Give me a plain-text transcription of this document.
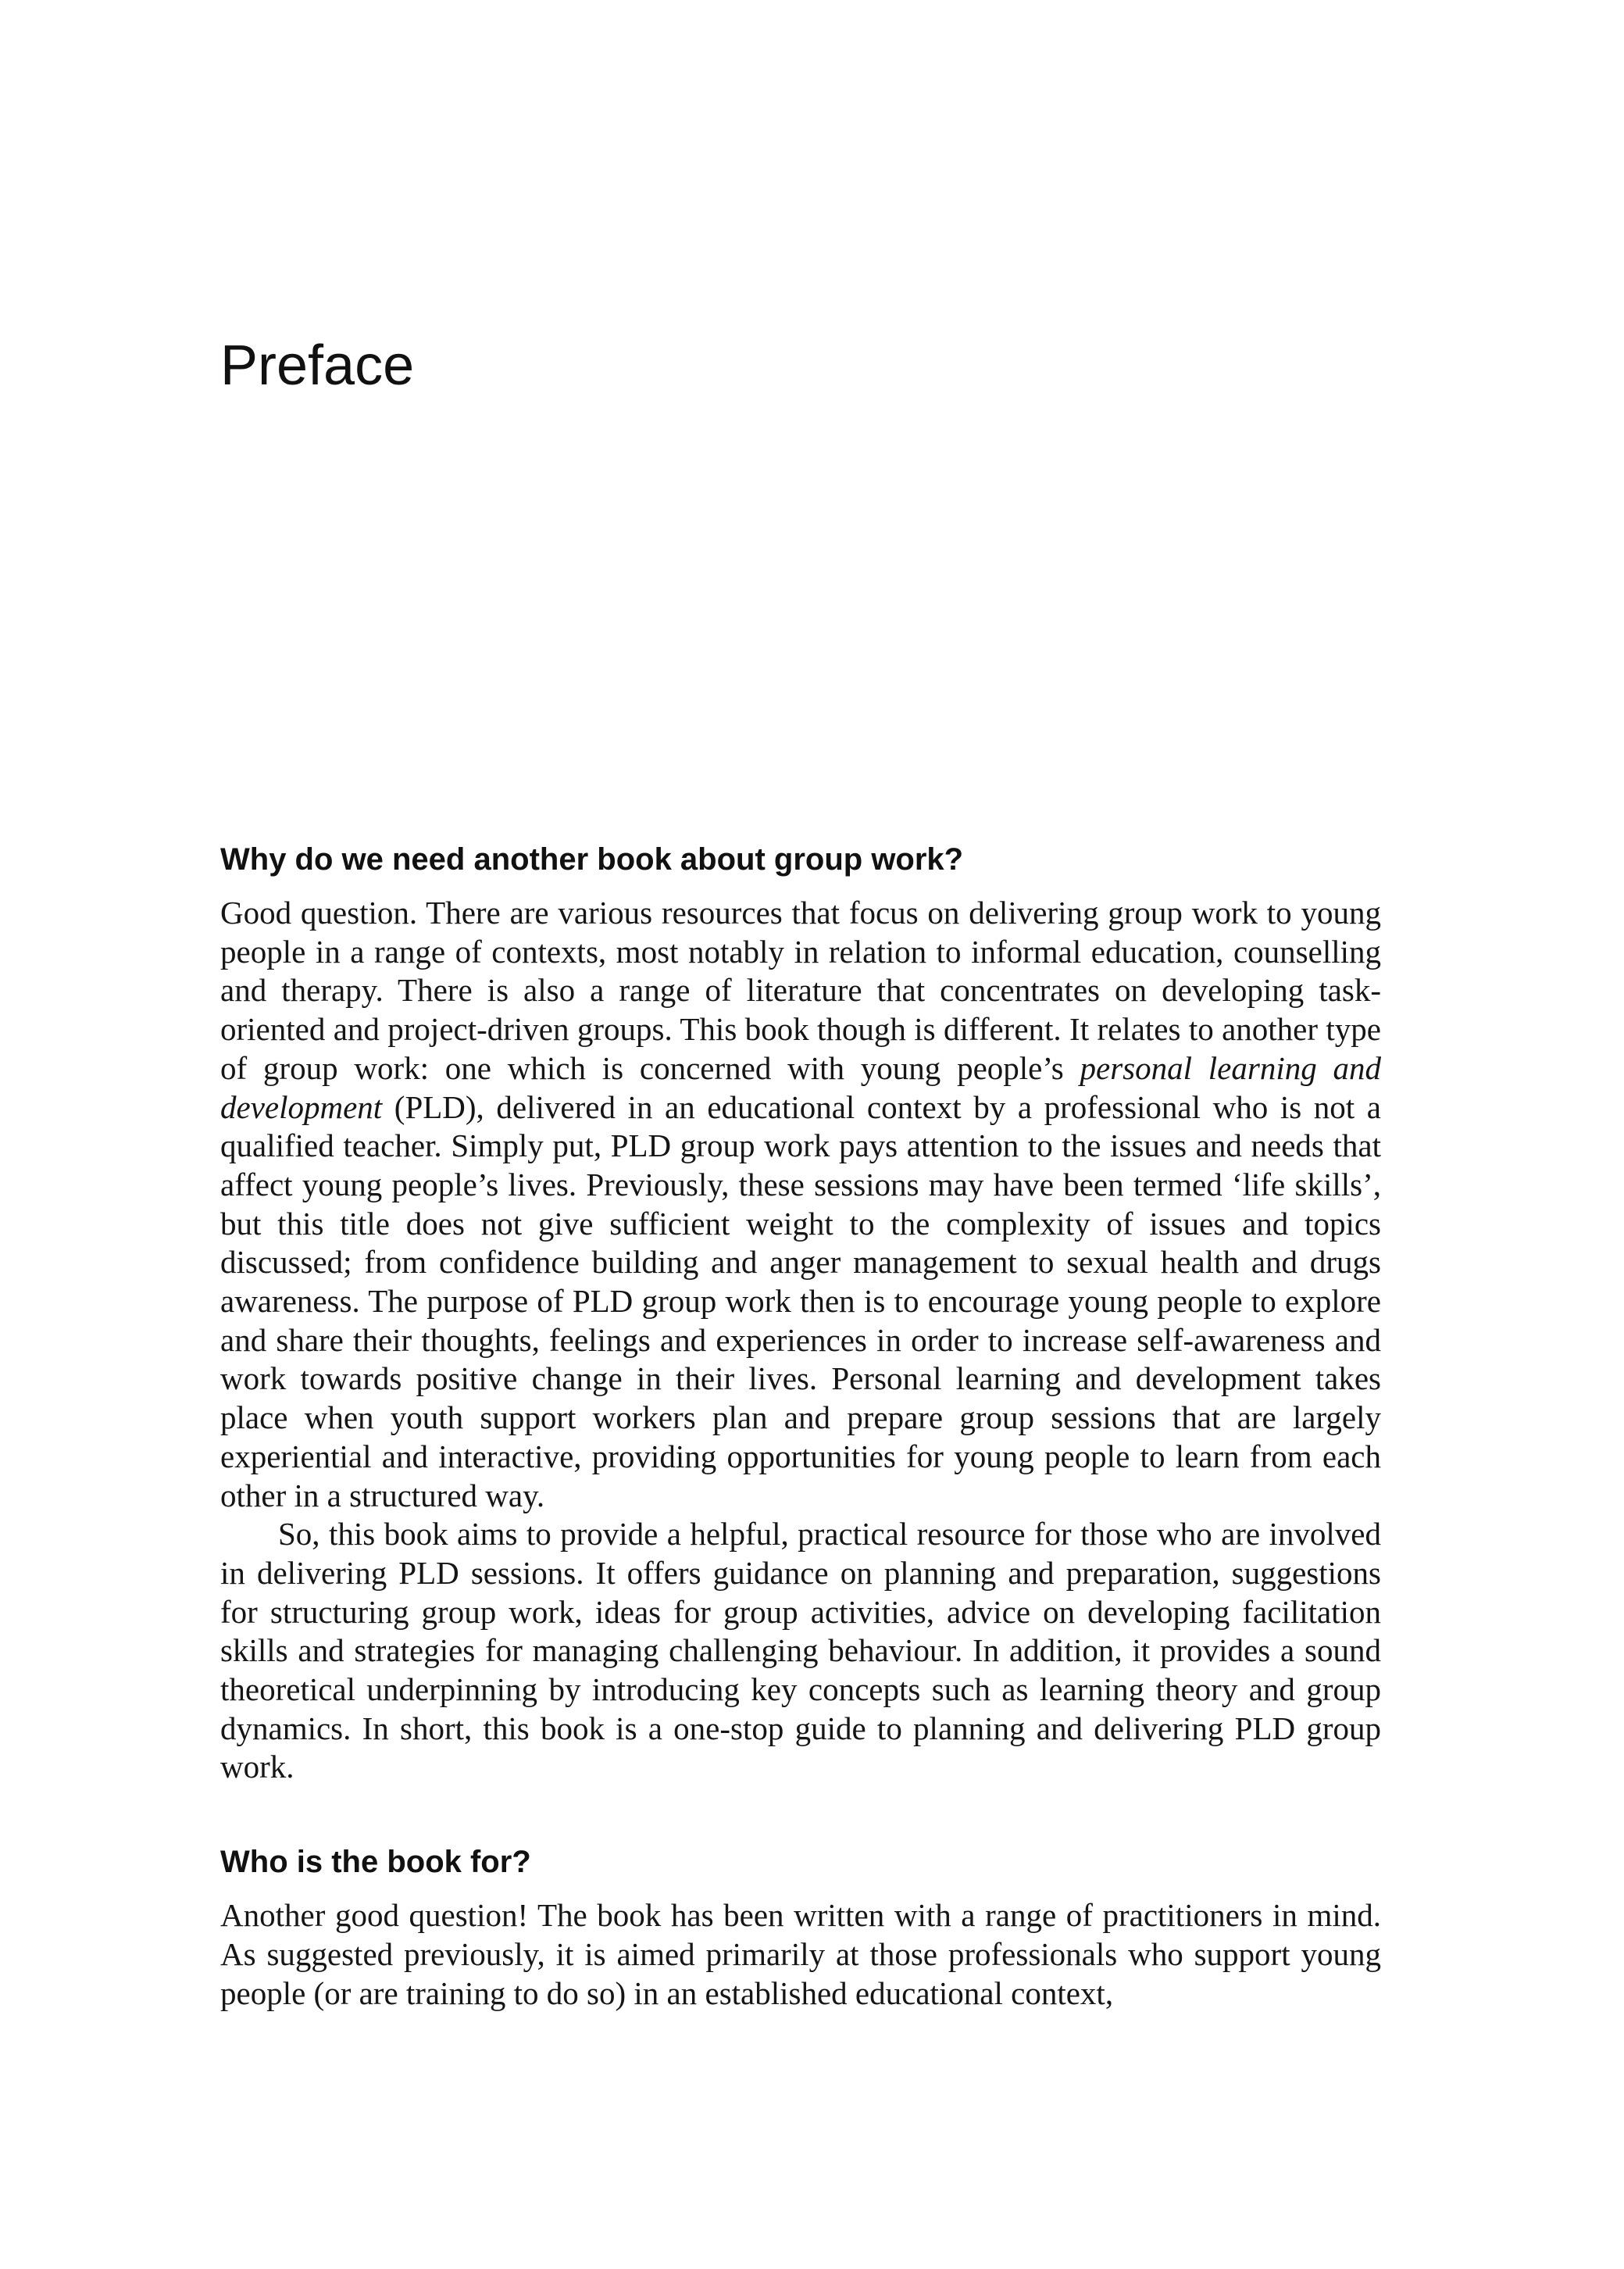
Preface
Why do we need another book about group work?

Good question. There are various resources that focus on delivering group work to young people in a range of contexts, most notably in relation to informal education, counselling and therapy. There is also a range of literature that concentrates on developing task-oriented and project-driven groups. This book though is different. It relates to another type of group work: one which is concerned with young people’s personal learning and development (PLD), delivered in an educational context by a professional who is not a qualified teacher. Simply put, PLD group work pays attention to the issues and needs that affect young people’s lives. Previously, these sessions may have been termed ‘life skills’, but this title does not give sufficient weight to the complexity of issues and topics discussed; from confidence building and anger management to sexual health and drugs awareness. The purpose of PLD group work then is to encourage young people to explore and share their thoughts, feelings and experiences in order to increase self-awareness and work towards positive change in their lives. Personal learning and development takes place when youth support workers plan and prepare group sessions that are largely experiential and interactive, providing opportunities for young people to learn from each other in a structured way.

So, this book aims to provide a helpful, practical resource for those who are involved in delivering PLD sessions. It offers guidance on planning and preparation, suggestions for structuring group work, ideas for group activities, advice on developing facilitation skills and strategies for managing challenging behaviour. In addition, it provides a sound theoretical underpinning by introducing key concepts such as learning theory and group dynamics. In short, this book is a one-stop guide to planning and delivering PLD group work.

Who is the book for?

Another good question! The book has been written with a range of practitioners in mind. As suggested previously, it is aimed primarily at those professionals who support young people (or are training to do so) in an established educational context,
